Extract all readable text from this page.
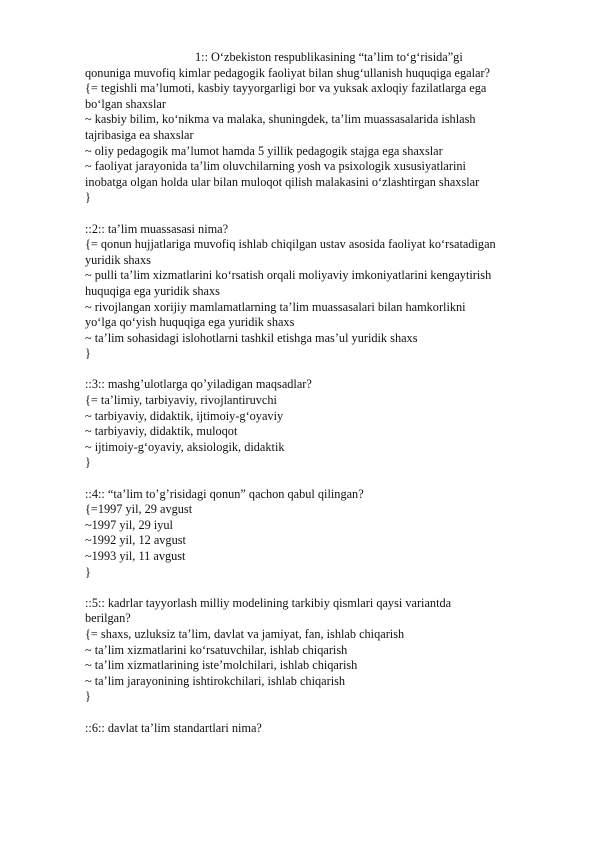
1:: O‘zbekiston respublikasining “ta’lim to‘g‘risida”gi
qonuniga muvofiq kimlar pedagogik faoliyat bilan shug‘ullanish huquqiga egalar?
{= tegishli ma’lumoti, kasbiy tayyorgarligi bor va yuksak axloqiy fazilatlarga ega
bo‘lgan shaxslar
~ kasbiy bilim, ko‘nikma va malaka, shuningdek, ta’lim muassasalarida ishlash
tajribasiga ea shaxslar
~ oliy pedagogik ma’lumot hamda 5 yillik pedagogik stajga ega shaxslar
~ faoliyat jarayonida ta’lim oluvchilarning yosh va psixologik xususiyatlarini
inobatga olgan holda ular bilan muloqot qilish malakasini o‘zlashtirgan shaxslar
}
::2:: ta’lim muassasasi nima?
{= qonun hujjatlariga muvofiq ishlab chiqilgan ustav asosida faoliyat ko‘rsatadigan
yuridik shaxs
~ pulli ta’lim xizmatlarini ko‘rsatish orqali moliyaviy imkoniyatlarini kengaytirish
huquqiga ega yuridik shaxs
~ rivojlangan xorijiy mamlamatlarning ta’lim muassasalari bilan hamkorlikni
yo‘lga qo‘yish huquqiga ega yuridik shaxs
~ ta’lim sohasidagi islohotlarni tashkil etishga mas’ul yuridik shaxs
}
::3:: mashg’ulotlarga qo’yiladigan maqsadlar?
{= ta’limiy, tarbiyaviy, rivojlantiruvchi
~ tarbiyaviy, didaktik, ijtimoiy-g‘oyaviy
~ tarbiyaviy, didaktik, muloqot
~ ijtimoiy-g‘oyaviy, aksiologik, didaktik
}
::4:: “ta’lim to’g’risidagi qonun” qachon qabul qilingan?
{=1997 yil, 29 avgust
~1997 yil, 29 iyul
~1992 yil, 12 avgust
~1993 yil, 11 avgust
}
::5:: kadrlar tayyorlash milliy modelining tarkibiy qismlari qaysi variantda
berilgan?
{= shaxs, uzluksiz ta’lim, davlat va jamiyat, fan, ishlab chiqarish
~ ta’lim xizmatlarini ko‘rsatuvchilar, ishlab chiqarish
~ ta’lim xizmatlarining iste’molchilari, ishlab chiqarish
~ ta’lim jarayonining ishtirokchilari, ishlab chiqarish
}
::6:: davlat ta’lim standartlari nima?
